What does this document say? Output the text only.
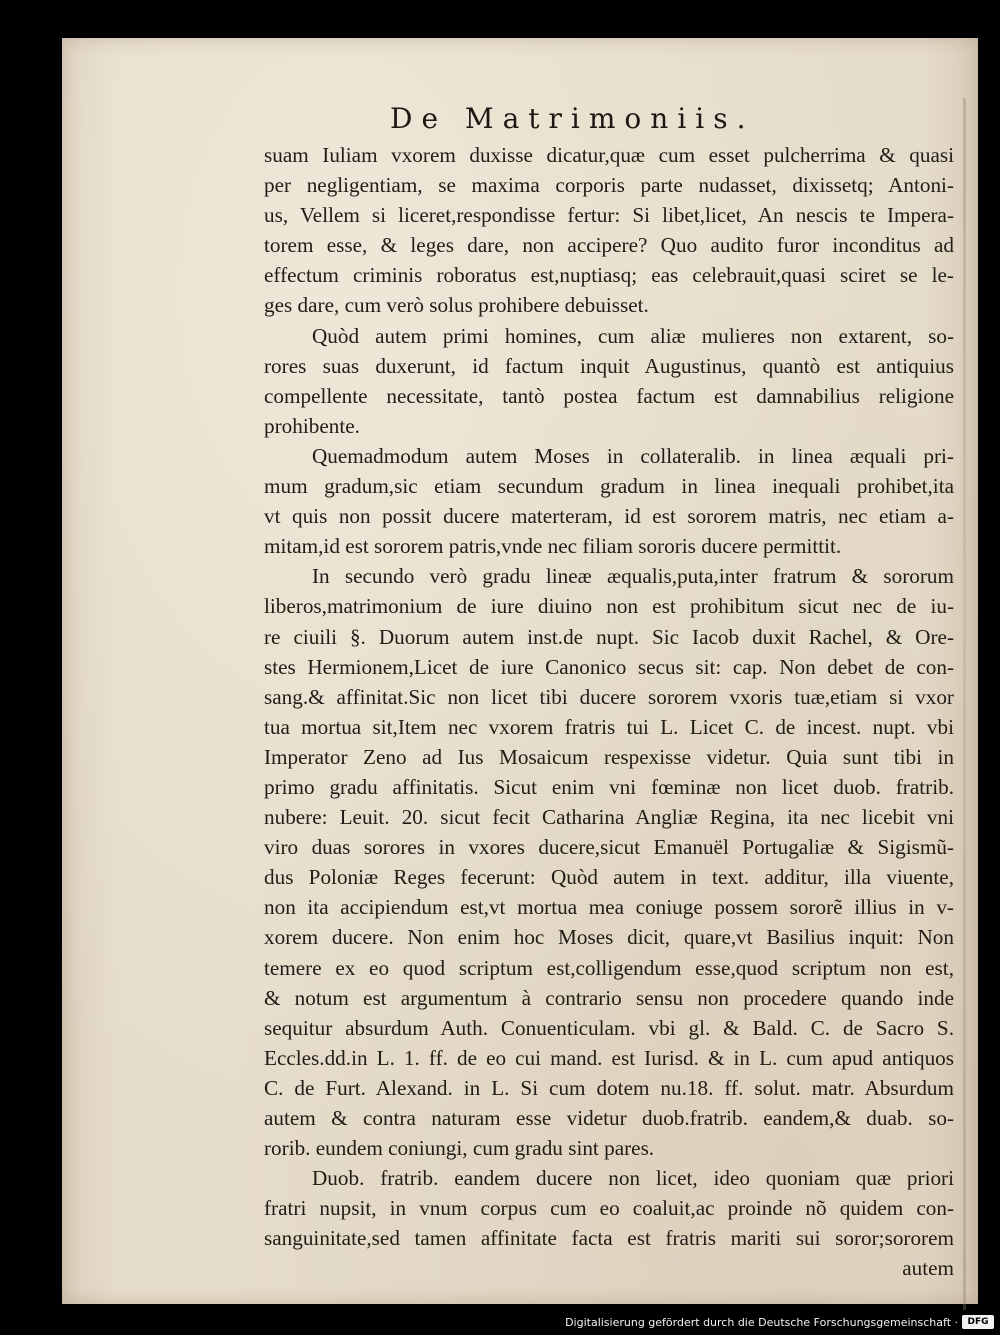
De Matrimoniis.
suam Iuliam vxorem duxisse dicatur,quæ cum esset pulcherrima & quasi
per negligentiam, se maxima corporis parte nudasset, dixissetq; Antoni-
us, Vellem si liceret,respondisse fertur: Si libet,licet, An nescis te Impera-
torem esse, & leges dare, non accipere? Quo audito furor inconditus ad
effectum criminis roboratus est,nuptiasq; eas celebrauit,quasi sciret se le-
ges dare, cum verò solus prohibere debuisset.
Quòd autem primi homines, cum aliæ mulieres non extarent, so-
rores suas duxerunt, id factum inquit Augustinus, quantò est antiquius
compellente necessitate, tantò postea factum est damnabilius religione
prohibente.
Quemadmodum autem Moses in collateralib. in linea æquali pri-
mum gradum,sic etiam secundum gradum in linea inequali prohibet,ita
vt quis non possit ducere materteram, id est sororem matris, nec etiam a-
mitam,id est sororem patris,vnde nec filiam sororis ducere permittit.
In secundo verò gradu lineæ æqualis,puta,inter fratrum & sororum
liberos,matrimonium de iure diuino non est prohibitum sicut nec de iu-
re ciuili §. Duorum autem inst.de nupt. Sic Iacob duxit Rachel, & Ore-
stes Hermionem,Licet de iure Canonico secus sit: cap. Non debet de con-
sang.& affinitat.Sic non licet tibi ducere sororem vxoris tuæ,etiam si vxor
tua mortua sit,Item nec vxorem fratris tui L. Licet C. de incest. nupt. vbi
Imperator Zeno ad Ius Mosaicum respexisse videtur. Quia sunt tibi in
primo gradu affinitatis. Sicut enim vni fœminæ non licet duob. fratrib.
nubere: Leuit. 20. sicut fecit Catharina Angliæ Regina, ita nec licebit vni
viro duas sorores in vxores ducere,sicut Emanuël Portugaliæ & Sigismũ-
dus Poloniæ Reges fecerunt: Quòd autem in text. additur, illa viuente,
non ita accipiendum est,vt mortua mea coniuge possem sororẽ illius in v-
xorem ducere. Non enim hoc Moses dicit, quare,vt Basilius inquit: Non
temere ex eo quod scriptum est,colligendum esse,quod scriptum non est,
& notum est argumentum à contrario sensu non procedere quando inde
sequitur absurdum Auth. Conuenticulam. vbi gl. & Bald. C. de Sacro S.
Eccles.dd.in L. 1. ff. de eo cui mand. est Iurisd. & in L. cum apud antiquos
C. de Furt. Alexand. in L. Si cum dotem nu.18. ff. solut. matr. Absurdum
autem & contra naturam esse videtur duob.fratrib. eandem,& duab. so-
rorib. eundem coniungi, cum gradu sint pares.
Duob. fratrib. eandem ducere non licet, ideo quoniam quæ priori
fratri nupsit, in vnum corpus cum eo coaluit,ac proinde nõ quidem con-
sanguinitate,sed tamen affinitate facta est fratris mariti sui soror;sororem
autem
Digitalisierung gefördert durch die Deutsche Forschungsgemeinschaft ·	DFG
